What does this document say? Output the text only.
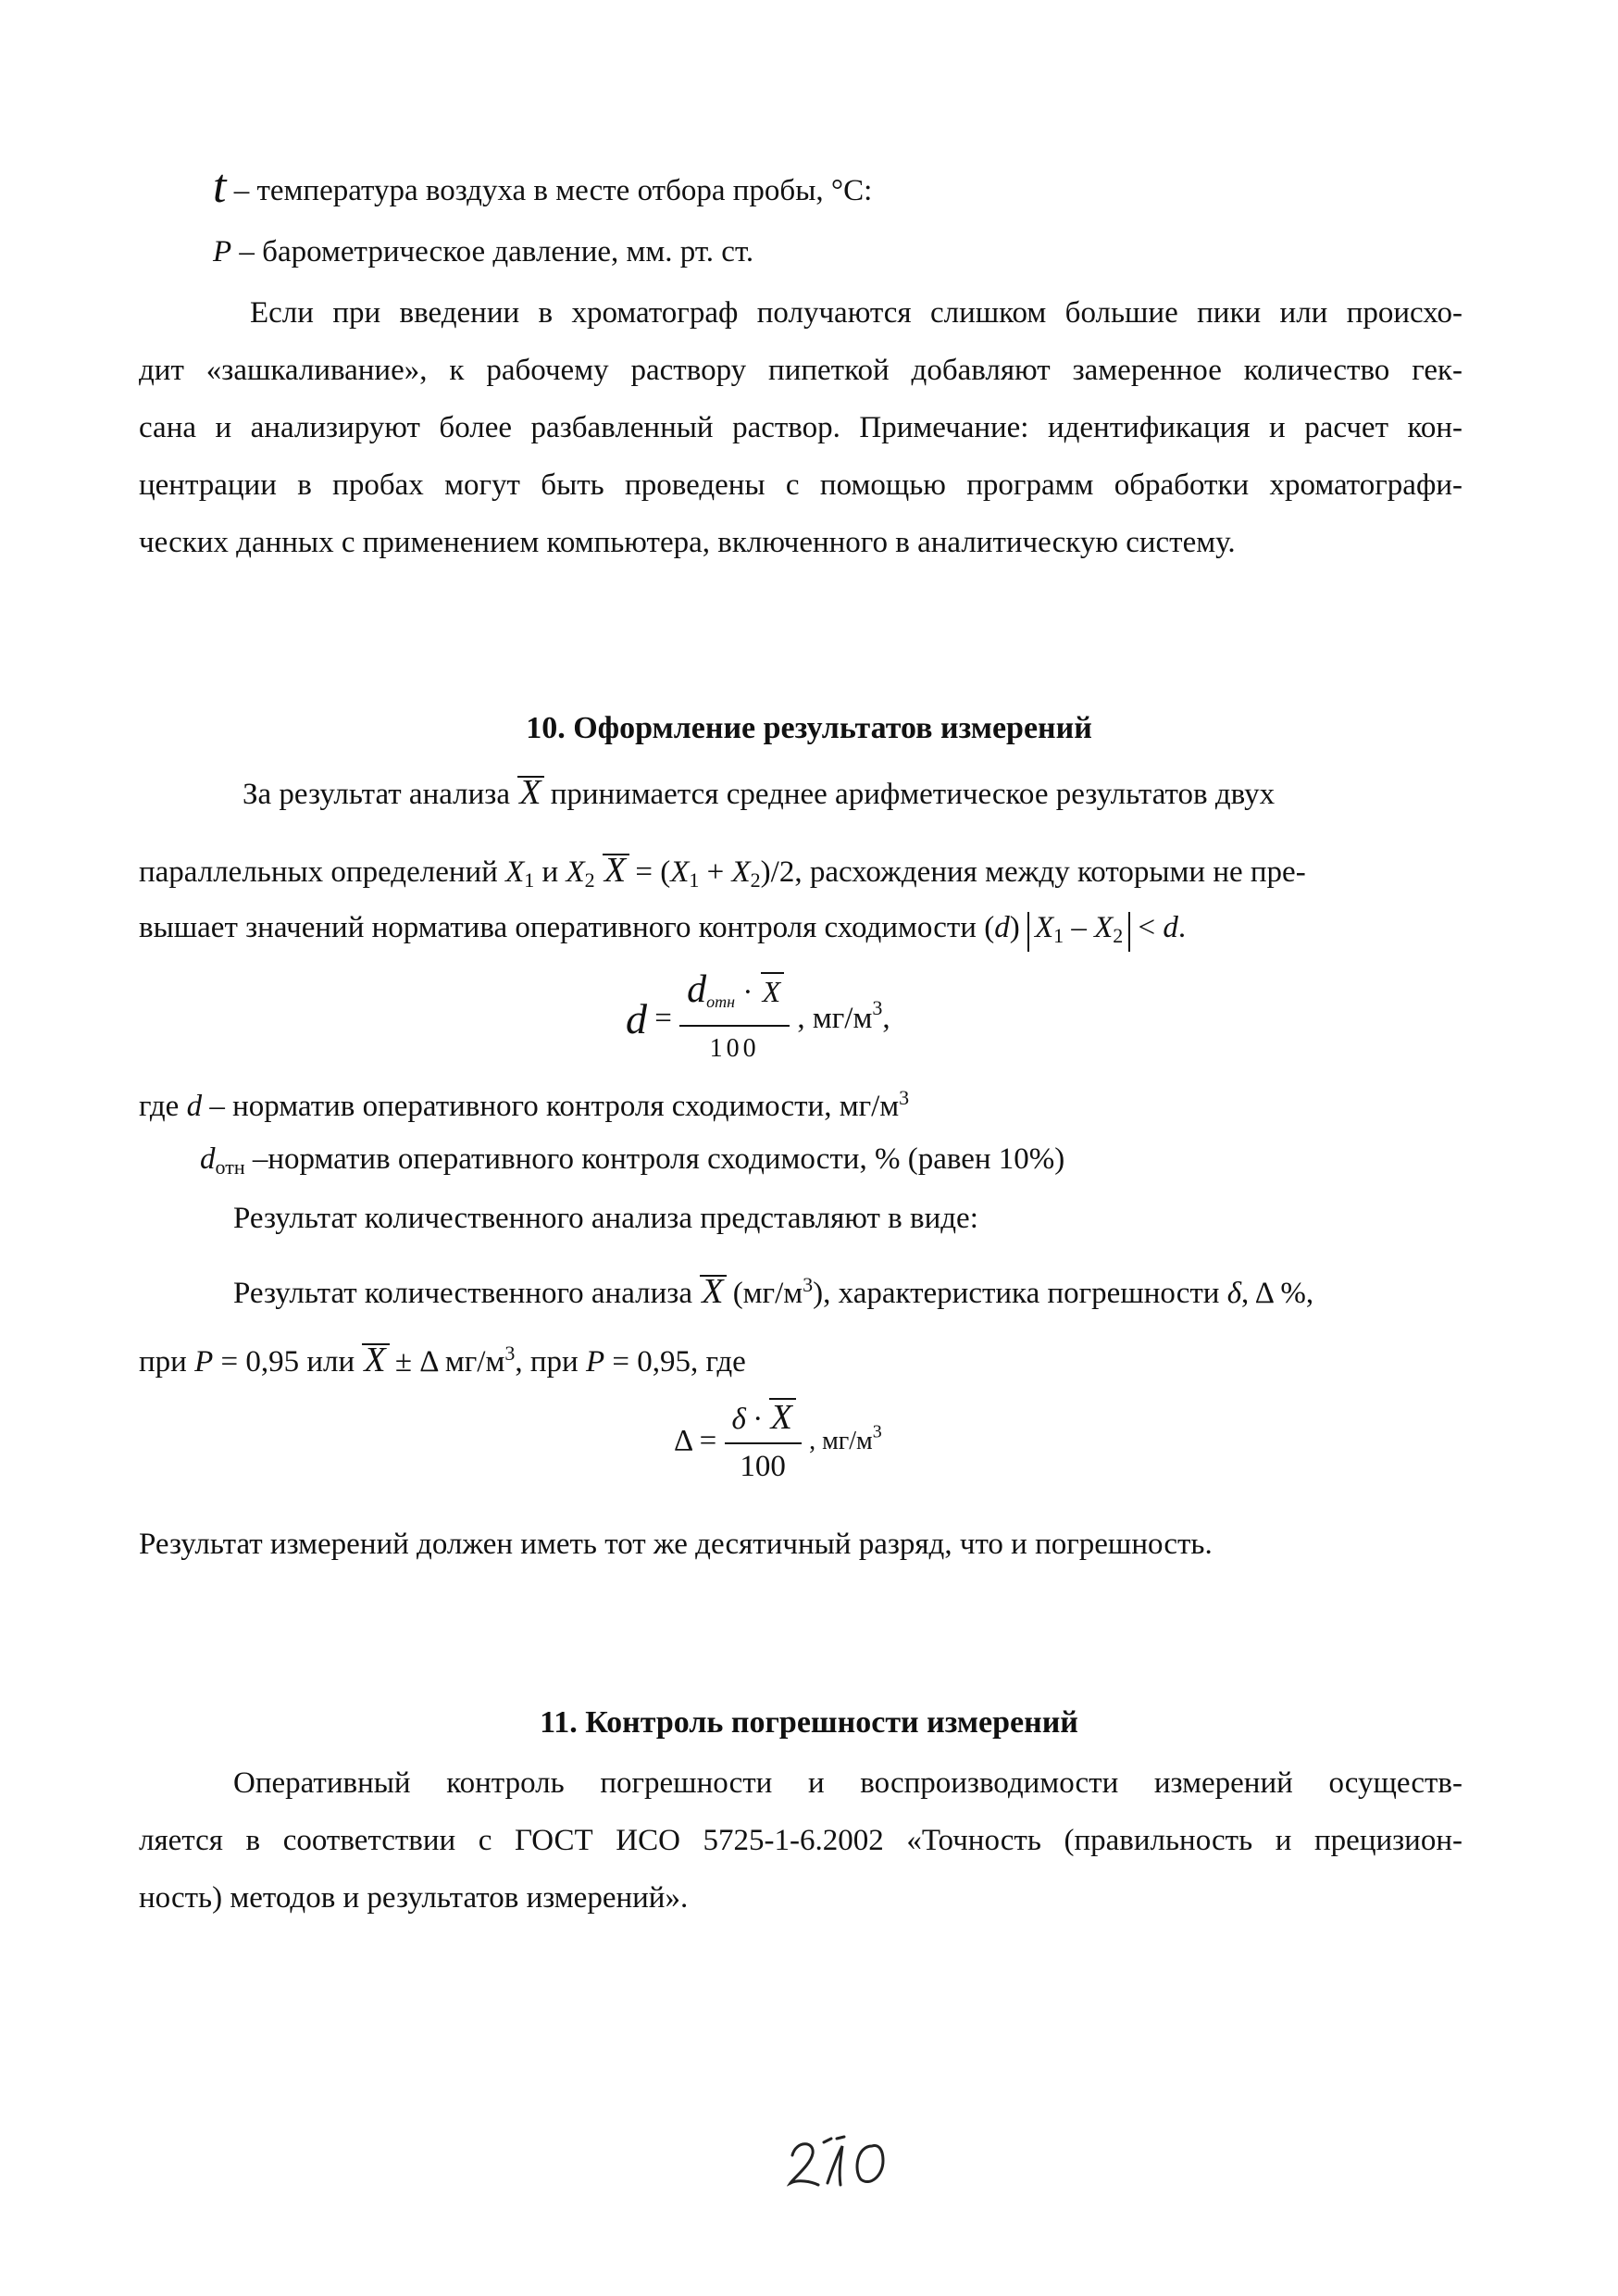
t – температура воздуха в месте отбора пробы, °С:
Р – барометрическое давление, мм. рт. ст.
Если при введении в хроматограф получаются слишком большие пики или происхо-
дит «зашкаливание», к рабочему раствору пипеткой добавляют замеренное количество гек-
сана и анализируют более разбавленный раствор. Примечание: идентификация и расчет кон-
центрации в пробах могут быть проведены с помощью программ обработки хроматографи-
ческих данных с применением компьютера, включенного в аналитическую систему.
10. Оформление результатов измерений
За результат анализа X принимается среднее арифметическое результатов двух
параллельных определений $X_1$ и $X_2$ $X = (X_1 + X_2)/2$, расхождения между которыми не пре-
вышает значений норматива оперативного контроля сходимости (d) $X_1 - X_2 < d$.
$d = \frac{d_{отн} \cdot X}{100}$ , $мг/м^3$,
где d – норматив оперативного контроля сходимости, $мг/м^3$
$d_{отн}$ –норматив оперативного контроля сходимости, % (равен 10%)
Результат количественного анализа представляют в виде:
Результат количественного анализа X $(мг/м^3)$, характеристика погрешности δ, Δ %,
при Р = 0,95 или X ± Δ $мг/м^3$, при Р = 0,95, где
$\Delta = \frac{\delta \cdot X}{100}$ , $мг/м^3$
Результат измерений должен иметь тот же десятичный разряд, что и погрешность.
11. Контроль погрешности измерений
Оперативный контроль погрешности и воспроизводимости измерений осуществ-
ляется в соответствии с ГОСТ ИСО 5725-1-6.2002 «Точность (правильность и прецизион-
ность) методов и результатов измерений».
